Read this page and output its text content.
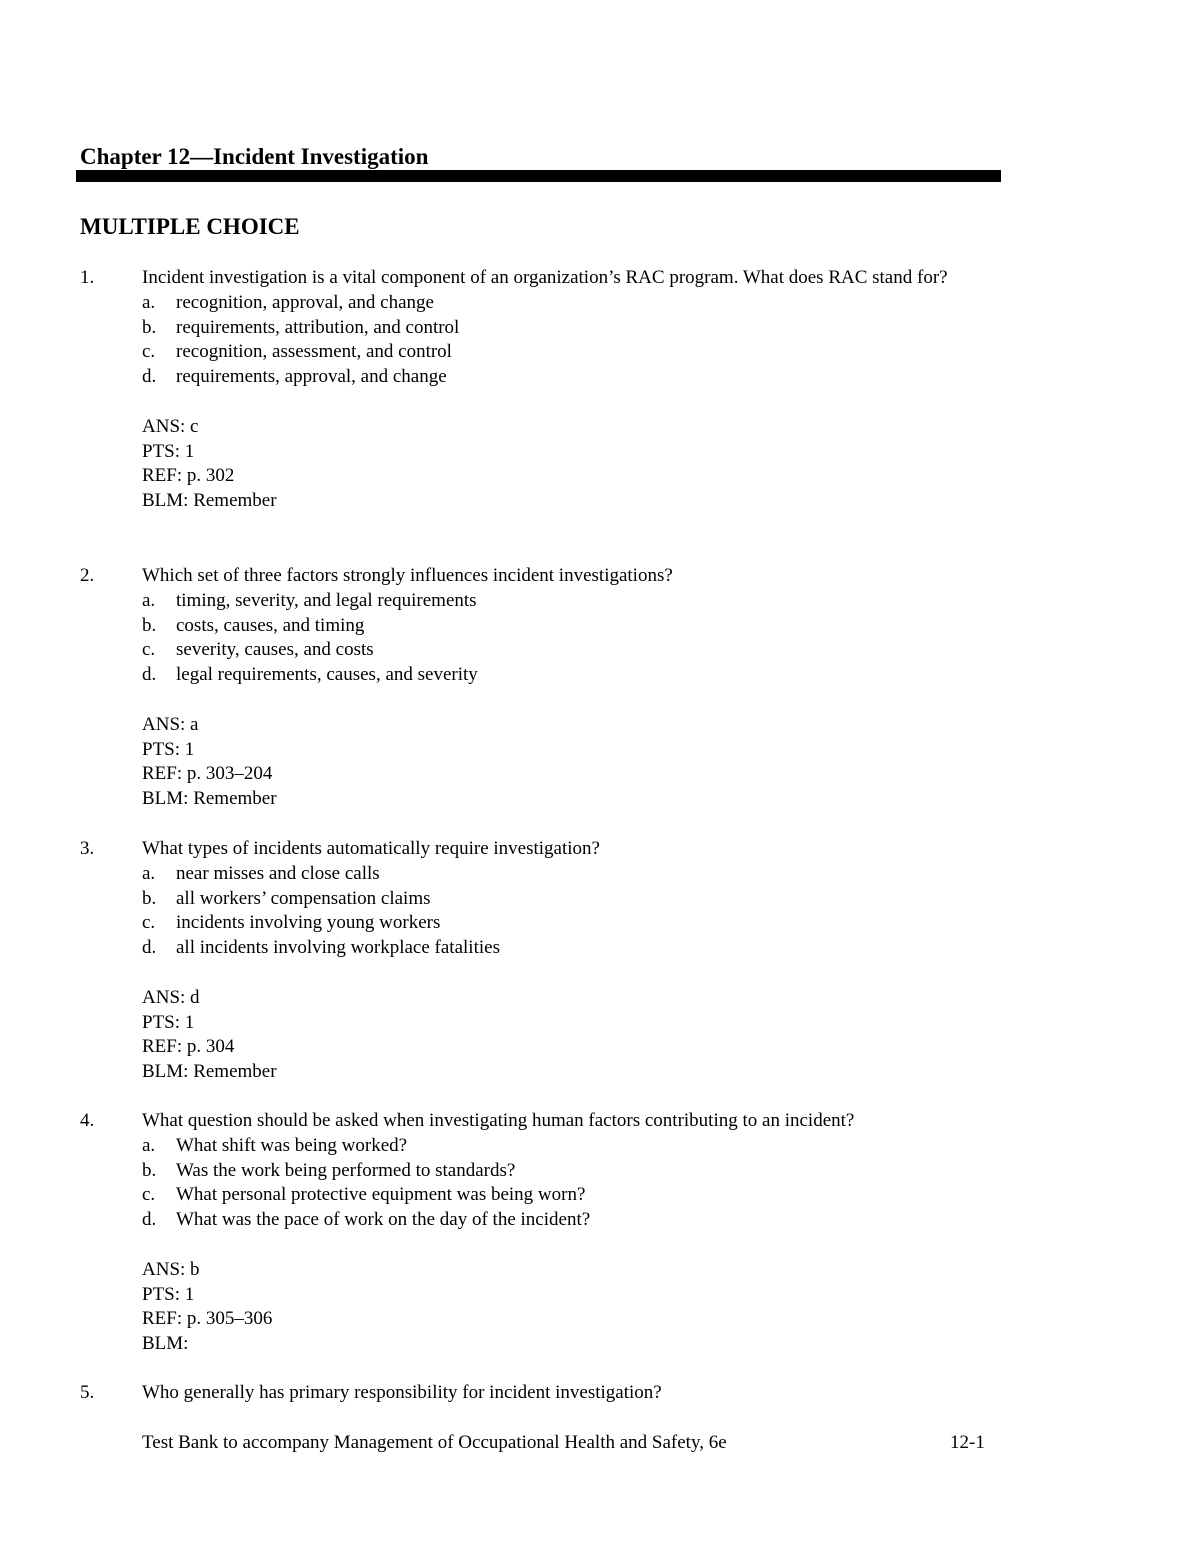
Chapter 12—Incident Investigation
MULTIPLE CHOICE
1.	Incident investigation is a vital component of an organization’s RAC program. What does RAC stand for?
a. recognition, approval, and change
b. requirements, attribution, and control
c. recognition, assessment, and control
d. requirements, approval, and change
ANS: c
PTS: 1
REF: p. 302
BLM: Remember
2.	Which set of three factors strongly influences incident investigations?
a. timing, severity, and legal requirements
b. costs, causes, and timing
c. severity, causes, and costs
d. legal requirements, causes, and severity
ANS: a
PTS: 1
REF: p. 303–204
BLM: Remember
3.	What types of incidents automatically require investigation?
a. near misses and close calls
b. all workers’ compensation claims
c. incidents involving young workers
d. all incidents involving workplace fatalities
ANS: d
PTS: 1
REF: p. 304
BLM: Remember
4.	What question should be asked when investigating human factors contributing to an incident?
a. What shift was being worked?
b. Was the work being performed to standards?
c. What personal protective equipment was being worn?
d. What was the pace of work on the day of the incident?
ANS: b
PTS: 1
REF: p. 305–306
BLM:
5.	Who generally has primary responsibility for incident investigation?
Test Bank to accompany Management of Occupational Health and Safety, 6e	12-1
